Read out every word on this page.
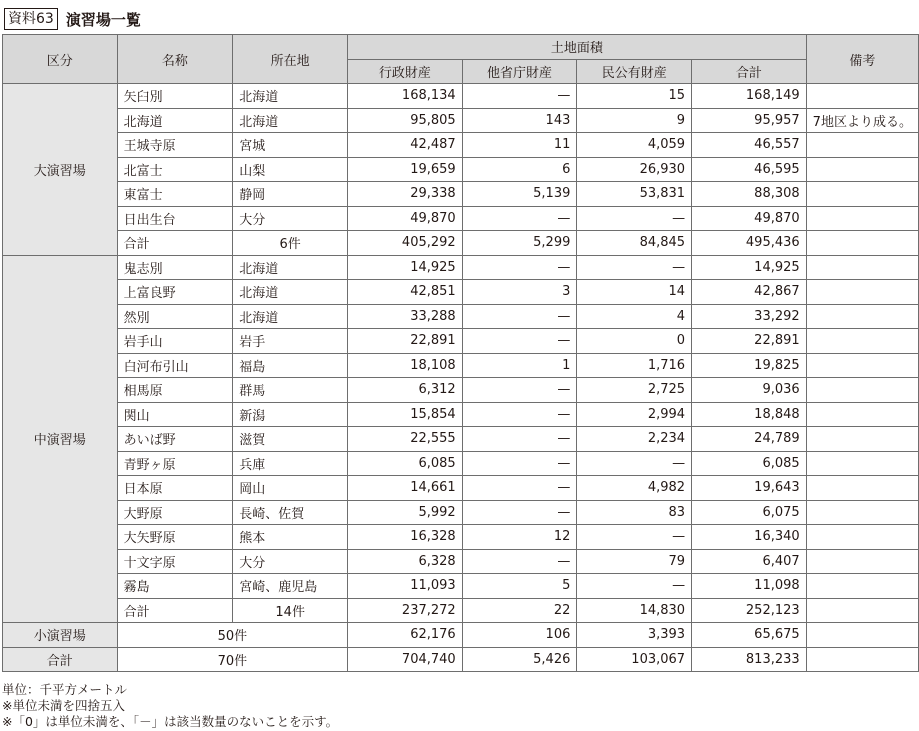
資料63 演習場一覧
区分	名称	所在地	土地面積				備考
			行政財産	他省庁財産	民公有財産	合計	
大演習場	矢臼別	北海道	168,134	—	15	168,149	
	北海道	北海道	95,805	143	9	95,957	7地区より成る。
	王城寺原	宮城	42,487	11	4,059	46,557	
	北富士	山梨	19,659	6	26,930	46,595	
	東富士	静岡	29,338	5,139	53,831	88,308	
	日出生台	大分	49,870	—	—	49,870	
	合計	6件	405,292	5,299	84,845	495,436	
中演習場	鬼志別	北海道	14,925	—	—	14,925	
	上富良野	北海道	42,851	3	14	42,867	
	然別	北海道	33,288	—	4	33,292	
	岩手山	岩手	22,891	—	0	22,891	
	白河布引山	福島	18,108	1	1,716	19,825	
	相馬原	群馬	6,312	—	2,725	9,036	
	関山	新潟	15,854	—	2,994	18,848	
	あいば野	滋賀	22,555	—	2,234	24,789	
	青野ヶ原	兵庫	6,085	—	—	6,085	
	日本原	岡山	14,661	—	4,982	19,643	
	大野原	長崎、佐賀	5,992	—	83	6,075	
	大矢野原	熊本	16,328	12	—	16,340	
	十文字原	大分	6,328	—	79	6,407	
	霧島	宮崎、鹿児島	11,093	5	—	11,098	
	合計	14件	237,272	22	14,830	252,123	
小演習場	50件		62,176	106	3,393	65,675	
合計	70件		704,740	5,426	103,067	813,233	
単位：千平方メートル
※単位未満を四捨五入
※「0」は単位未満を、「－」は該当数量のないことを示す。
